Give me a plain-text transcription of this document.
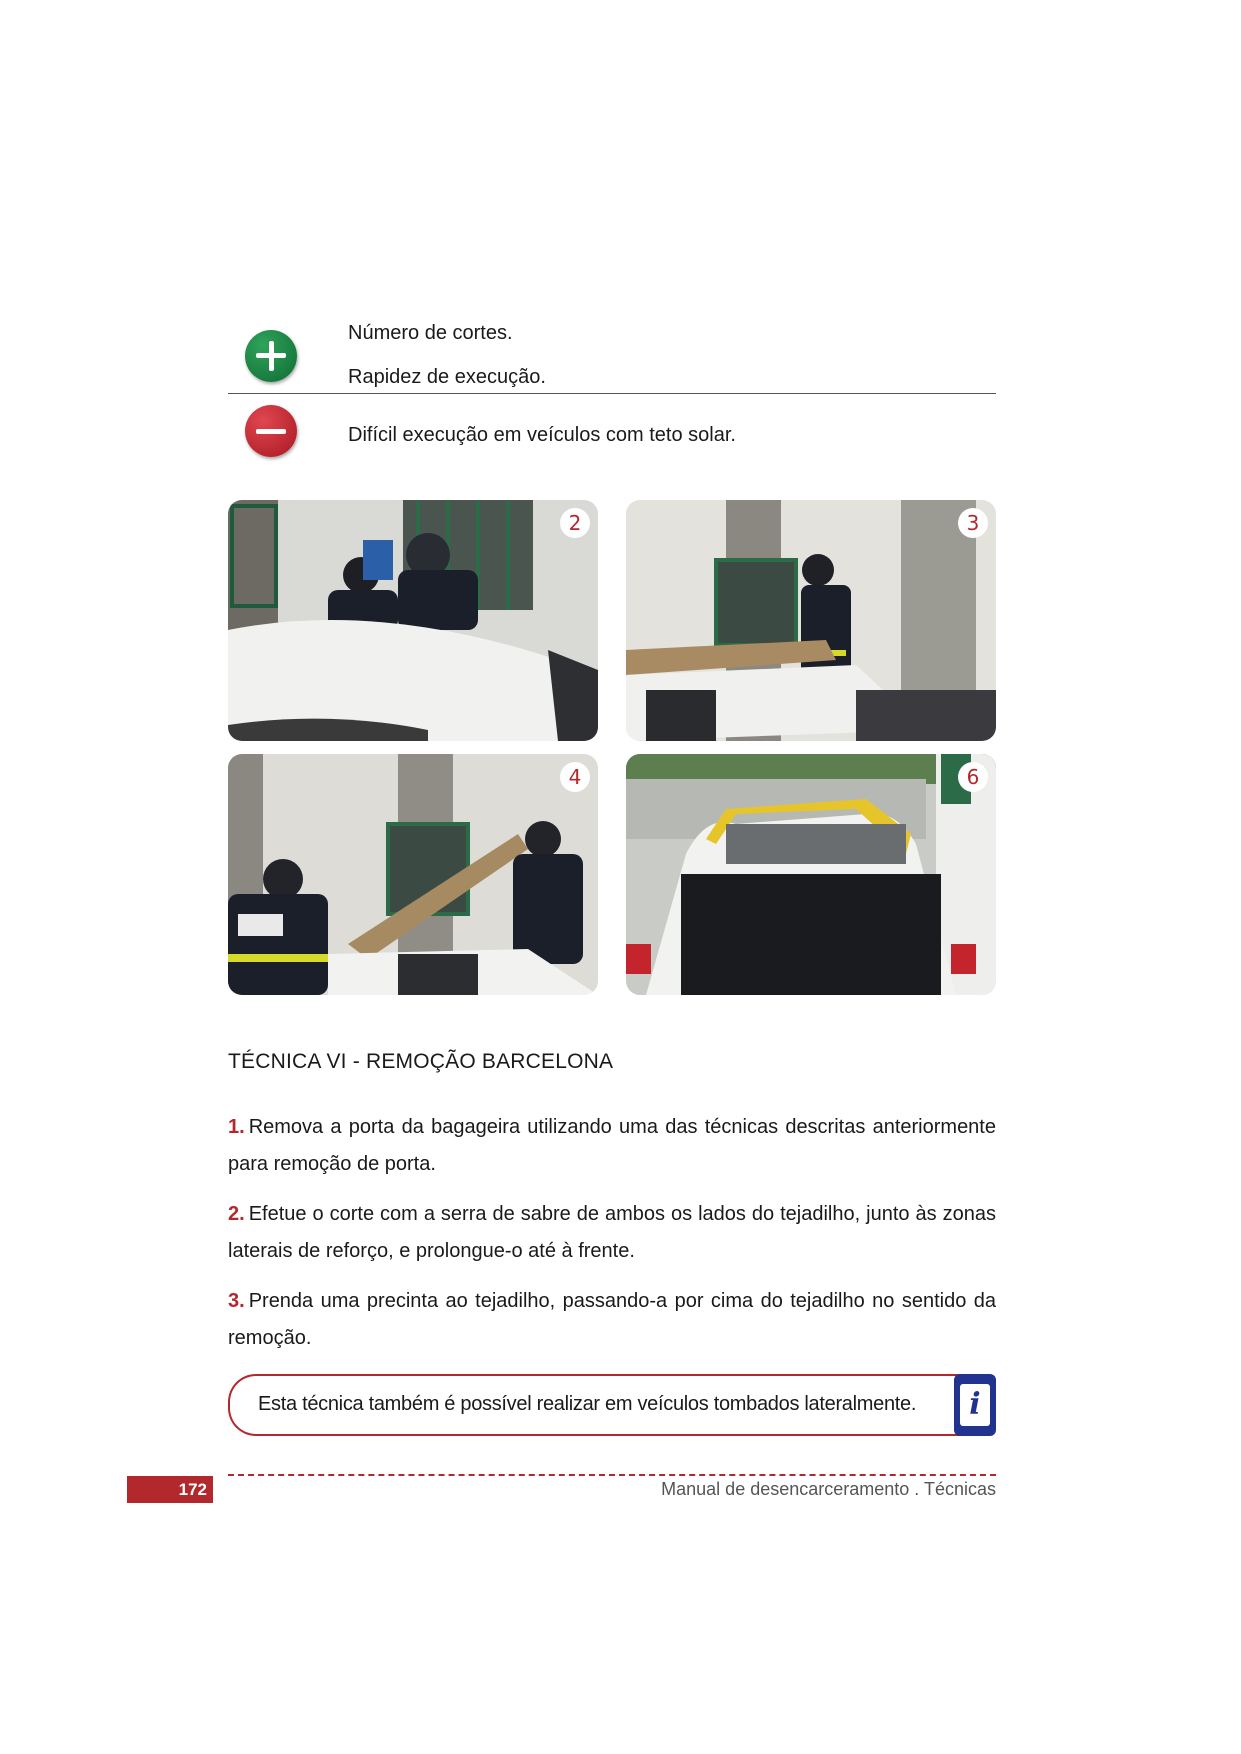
Número de cortes.
Rapidez de execução.
Difícil execução em veículos com teto solar.
2	3
4	6
TÉCNICA VI - REMOÇÃO BARCELONA
1. Remova a porta da bagageira utilizando uma das técnicas descritas anteriormente para remoção de porta.
2. Efetue o corte com a serra de sabre de ambos os lados do tejadilho, junto às zonas laterais de reforço, e prolongue-o até à frente.
3. Prenda uma precinta ao tejadilho, passando-a por cima do tejadilho no sentido da remoção.
Esta técnica também é possível realizar em veículos tombados lateralmente.	i
172	Manual de desencarceramento . Técnicas
